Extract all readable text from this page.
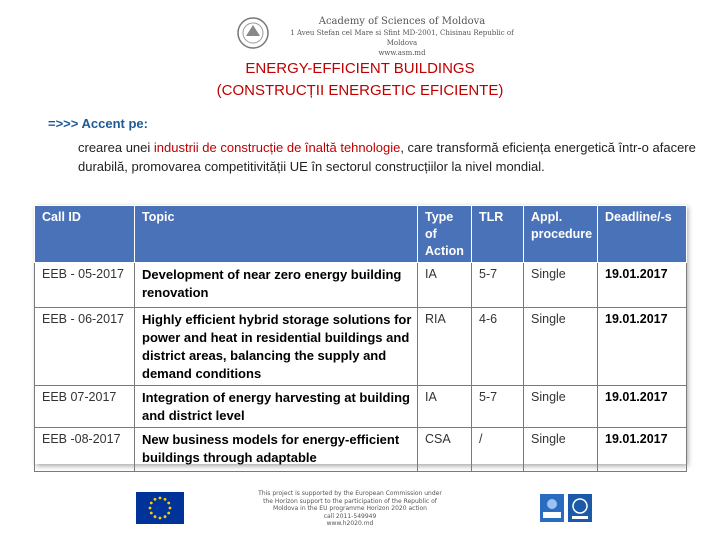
Academy of Sciences of Moldova
1 Aveu Stefan cel Mare si Sfint MD-2001, Chisinau Republic of Moldova
www.asm.md
ENERGY-EFFICIENT BUILDINGS
(CONSTRUCȚII ENERGETIC EFICIENTE)
=>>> Accent pe:
crearea unei industrii de construcție de înaltă tehnologie, care transformă eficiența energetică într-o afacere durabilă, promovarea competitivității UE în sectorul construcțiilor la nivel mondial.
Call ID	Topic	Type of Action	TLR	Appl. procedure	Deadline/-s
EEB - 05-2017	Development of near zero energy building renovation	IA	5-7	Single	19.01.2017
EEB - 06-2017	Highly efficient hybrid storage solutions for power and heat in residential buildings and district areas, balancing the supply and demand conditions	RIA	4-6	Single	19.01.2017
EEB 07-2017	Integration of energy harvesting at building and district level	IA	5-7	Single	19.01.2017
EEB -08-2017	New business models for energy-efficient buildings through adaptable	CSA	/	Single	19.01.2017
This project is supported by the European Commission under
the Horizon support to the participation of the Republic of
Moldova in the EU programme Horizon 2020 action
call 2011-549949
www.h2020.md
